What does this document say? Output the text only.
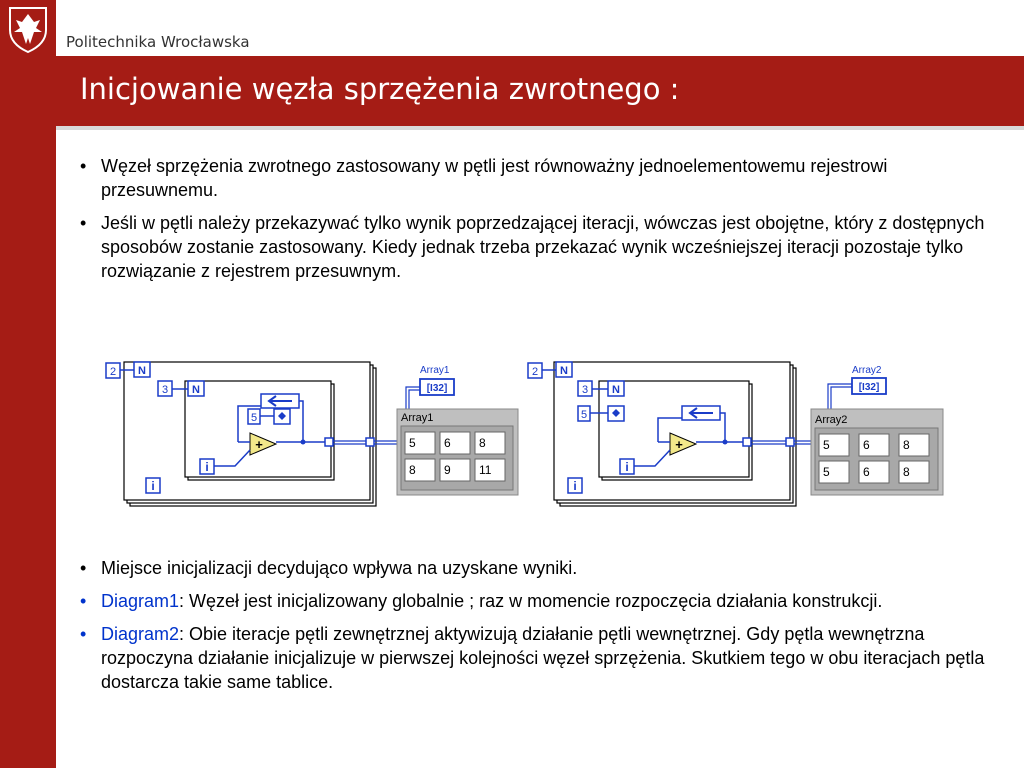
Politechnika Wrocławska
Inicjowanie węzła sprzężenia zwrotnego :
• Węzeł sprzężenia zwrotnego zastosowany w pętli jest równoważny jednoelementowemu rejestrowi przesuwnemu.
• Jeśli w pętli należy przekazywać tylko wynik poprzedzającej iteracji, wówczas jest obojętne, który z dostępnych sposobów zostanie zastosowany. Kiedy jednak trzeba przekazać wynik wcześniejszej iteracji pozostaje tylko rozwiązanie z rejestrem przesuwnym.
2 N
3 N
5
+
i
i
Array1
[I32]
Array1
5 6 8
8 9 11
2 N
3 N
5
+
i
i
Array2
[I32]
Array2
5	6	8
5	6	8
• Miejsce inicjalizacji decydująco wpływa na uzyskane wyniki.
• Diagram1: Węzeł jest inicjalizowany globalnie ; raz w momencie rozpoczęcia działania konstrukcji.
• Diagram2: Obie iteracje pętli zewnętrznej aktywizują działanie pętli wewnętrznej. Gdy pętla wewnętrzna rozpoczyna działanie inicjalizuje w pierwszej kolejności węzeł sprzężenia. Skutkiem tego w obu iteracjach pętla dostarcza takie same tablice.
